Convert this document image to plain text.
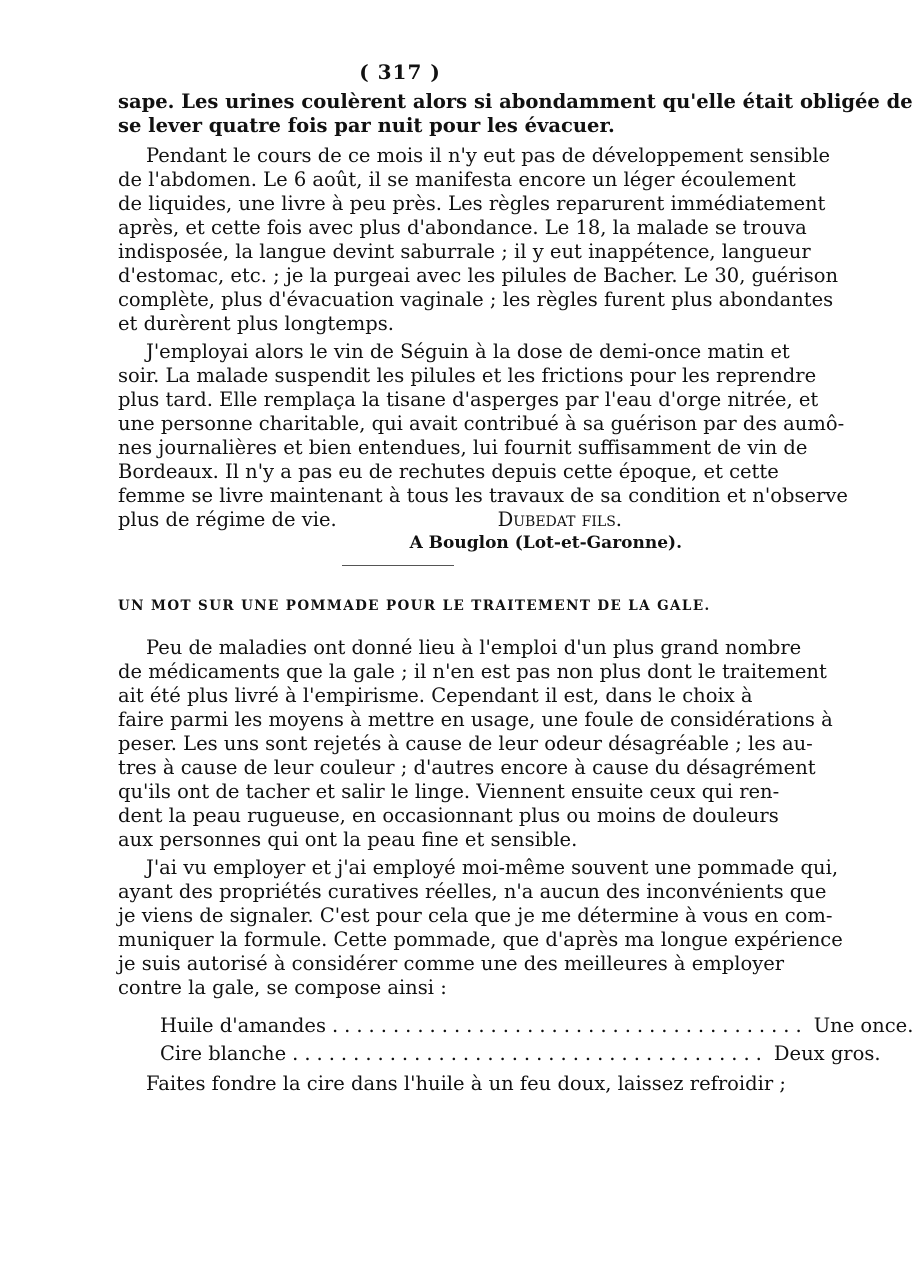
( 317 )
sape. Les urines coulèrent alors si abondamment qu'elle était obligée de
se lever quatre fois par nuit pour les évacuer.
Pendant le cours de ce mois il n'y eut pas de développement sensible
de l'abdomen. Le 6 août, il se manifesta encore un léger écoulement
de liquides, une livre à peu près. Les règles reparurent immédiatement
après, et cette fois avec plus d'abondance. Le 18, la malade se trouva
indisposée, la langue devint saburrale ; il y eut inappétence, langueur
d'estomac, etc. ; je la purgeai avec les pilules de Bacher. Le 30, guérison
complète, plus d'évacuation vaginale ; les règles furent plus abondantes
et durèrent plus longtemps.
J'employai alors le vin de Séguin à la dose de demi-once matin et
soir. La malade suspendit les pilules et les frictions pour les reprendre
plus tard. Elle remplaça la tisane d'asperges par l'eau d'orge nitrée, et
une personne charitable, qui avait contribué à sa guérison par des aumô-
nes journalières et bien entendues, lui fournit suffisamment de vin de
Bordeaux. Il n'y a pas eu de rechutes depuis cette époque, et cette
femme se livre maintenant à tous les travaux de sa condition et n'observe
plus de régime de vie.	Dubedat fils.
A Bouglon (Lot-et-Garonne).
UN MOT SUR UNE POMMADE POUR LE TRAITEMENT DE LA GALE.
Peu de maladies ont donné lieu à l'emploi d'un plus grand nombre
de médicaments que la gale ; il n'en est pas non plus dont le traitement
ait été plus livré à l'empirisme. Cependant il est, dans le choix à
faire parmi les moyens à mettre en usage, une foule de considérations à
peser. Les uns sont rejetés à cause de leur odeur désagréable ; les au-
tres à cause de leur couleur ; d'autres encore à cause du désagrément
qu'ils ont de tacher et salir le linge. Viennent ensuite ceux qui ren-
dent la peau rugueuse, en occasionnant plus ou moins de douleurs
aux personnes qui ont la peau fine et sensible.
J'ai vu employer et j'ai employé moi-même souvent une pommade qui,
ayant des propriétés curatives réelles, n'a aucun des inconvénients que
je viens de signaler. C'est pour cela que je me détermine à vous en com-
muniquer la formule. Cette pommade, que d'après ma longue expérience
je suis autorisé à considérer comme une des meilleures à employer
contre la gale, se compose ainsi :
Huile d'amandes ....................................... Une once.
Cire blanche ....................................... Deux gros.
Faites fondre la cire dans l'huile à un feu doux, laissez refroidir ;
